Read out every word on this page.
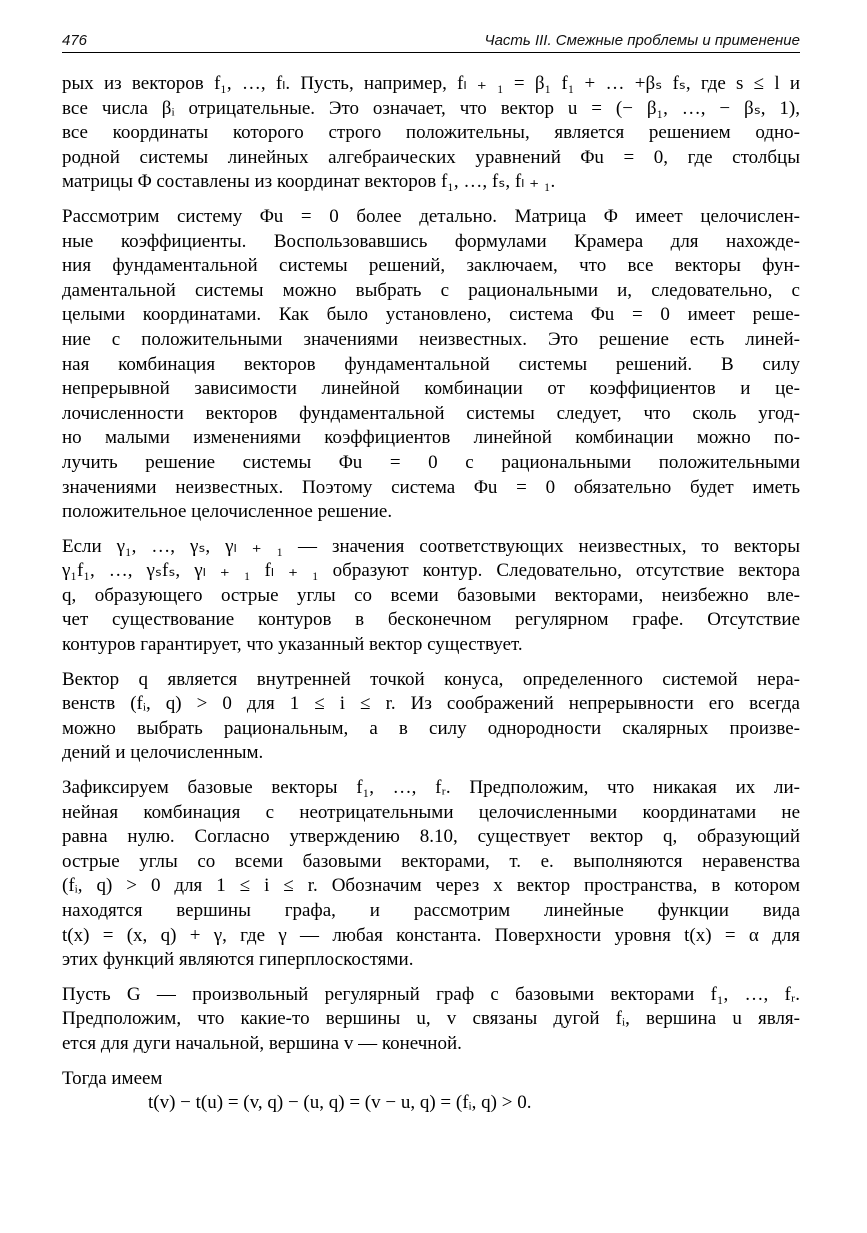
476	Часть III. Смежные проблемы и применение
рых из векторов f₁, …, fₗ. Пусть, например, fₗ ₊ ₁ = β₁ f₁ + … +βₛ fₛ, где s ≤ l и
все числа βᵢ отрицательные. Это означает, что вектор u = (− β₁, …, − βₛ, 1),
все координаты которого строго положительны, является решением одно-
родной системы линейных алгебраических уравнений Φu = 0, где столбцы
матрицы Φ составлены из координат векторов f₁, …, fₛ, fₗ ₊ ₁.
Рассмотрим систему Φu = 0 более детально. Матрица Φ имеет целочислен-
ные коэффициенты. Воспользовавшись формулами Крамера для нахожде-
ния фундаментальной системы решений, заключаем, что все векторы фун-
даментальной системы можно выбрать с рациональными и, следовательно, с
целыми координатами. Как было установлено, система Φu = 0 имеет реше-
ние с положительными значениями неизвестных. Это решение есть линей-
ная комбинация векторов фундаментальной системы решений. В силу
непрерывной зависимости линейной комбинации от коэффициентов и це-
лочисленности векторов фундаментальной системы следует, что сколь угод-
но малыми изменениями коэффициентов линейной комбинации можно по-
лучить решение системы Φu = 0 с рациональными положительными
значениями неизвестных. Поэтому система Φu = 0 обязательно будет иметь
положительное целочисленное решение.
Если γ₁, …, γₛ, γₗ ₊ ₁ — значения соответствующих неизвестных, то векторы
γ₁f₁, …, γₛfₛ, γₗ ₊ ₁ fₗ ₊ ₁ образуют контур. Следовательно, отсутствие вектора
q, образующего острые углы со всеми базовыми векторами, неизбежно вле-
чет существование контуров в бесконечном регулярном графе. Отсутствие
контуров гарантирует, что указанный вектор существует.
Вектор q является внутренней точкой конуса, определенного системой нера-
венств (fᵢ, q) > 0 для 1 ≤ i ≤ r. Из соображений непрерывности его всегда
можно выбрать рациональным, а в силу однородности скалярных произве-
дений и целочисленным.
Зафиксируем базовые векторы f₁, …, fᵣ. Предположим, что никакая их ли-
нейная комбинация с неотрицательными целочисленными координатами не
равна нулю. Согласно утверждению 8.10, существует вектор q, образующий
острые углы со всеми базовыми векторами, т. е. выполняются неравенства
(fᵢ, q) > 0 для 1 ≤ i ≤ r. Обозначим через x вектор пространства, в котором
находятся вершины графа, и рассмотрим линейные функции вида
t(x) = (x, q) + γ, где γ — любая константа. Поверхности уровня t(x) = α для
этих функций являются гиперплоскостями.
Пусть G — произвольный регулярный граф с базовыми векторами f₁, …, fᵣ.
Предположим, что какие-то вершины u, v связаны дугой fᵢ, вершина u явля-
ется для дуги начальной, вершина v — конечной.
Тогда имеем
t(v) − t(u) = (v, q) − (u, q) = (v − u, q) = (fᵢ, q) > 0.
